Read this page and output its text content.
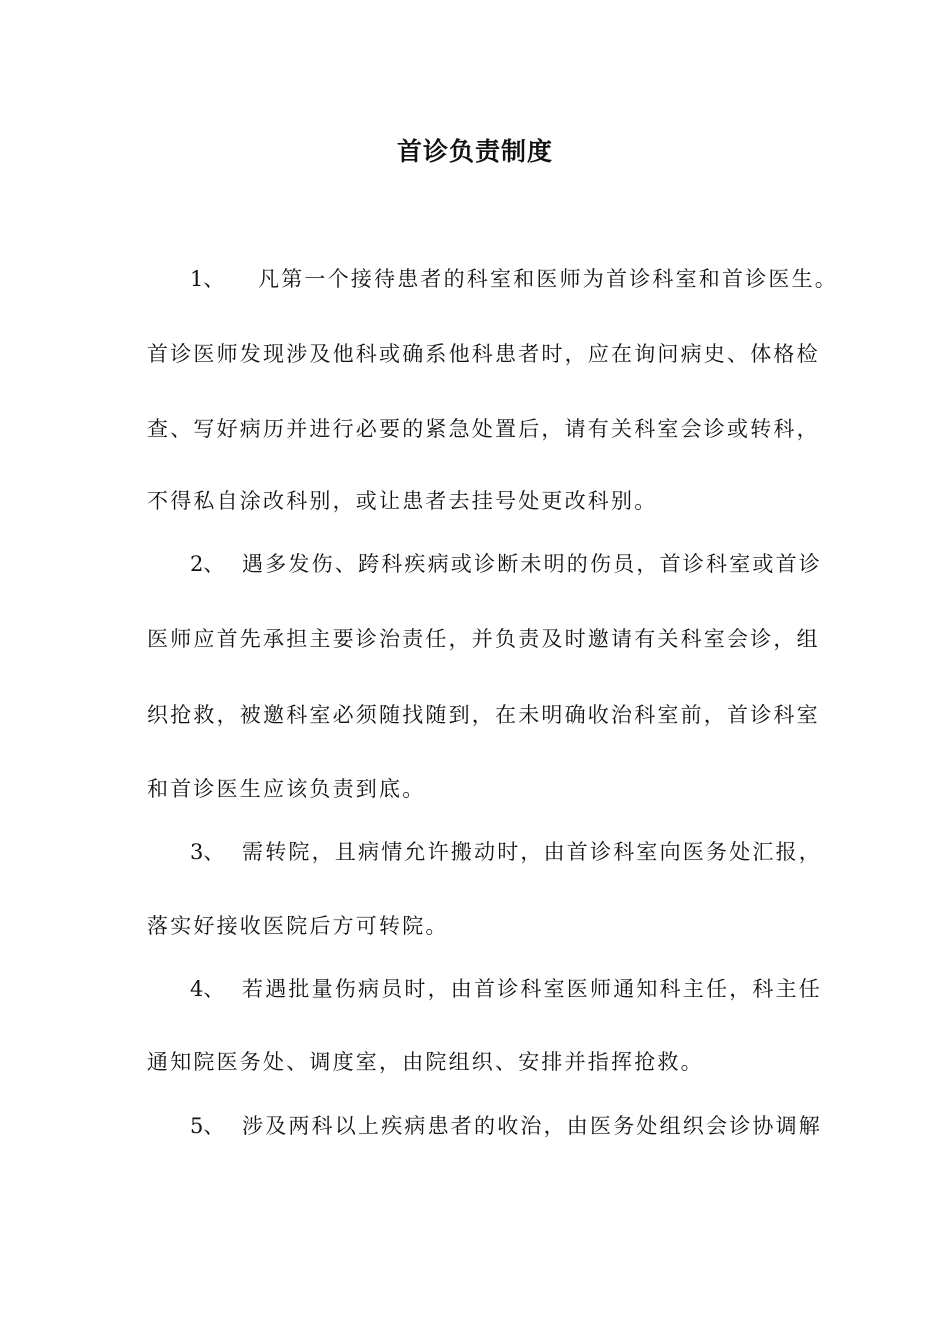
首诊负责制度
1、 凡第一个接待患者的科室和医师为首诊科室和首诊医生。
首诊医师发现涉及他科或确系他科患者时，应在询问病史、体格检
查、写好病历并进行必要的紧急处置后，请有关科室会诊或转科，
不得私自涂改科别，或让患者去挂号处更改科别。
2、 遇多发伤、跨科疾病或诊断未明的伤员，首诊科室或首诊
医师应首先承担主要诊治责任，并负责及时邀请有关科室会诊，组
织抢救，被邀科室必须随找随到，在未明确收治科室前，首诊科室
和首诊医生应该负责到底。
3、 需转院，且病情允许搬动时，由首诊科室向医务处汇报，
落实好接收医院后方可转院。
4、 若遇批量伤病员时，由首诊科室医师通知科主任，科主任
通知院医务处、调度室，由院组织、安排并指挥抢救。
5、 涉及两科以上疾病患者的收治，由医务处组织会诊协调解
